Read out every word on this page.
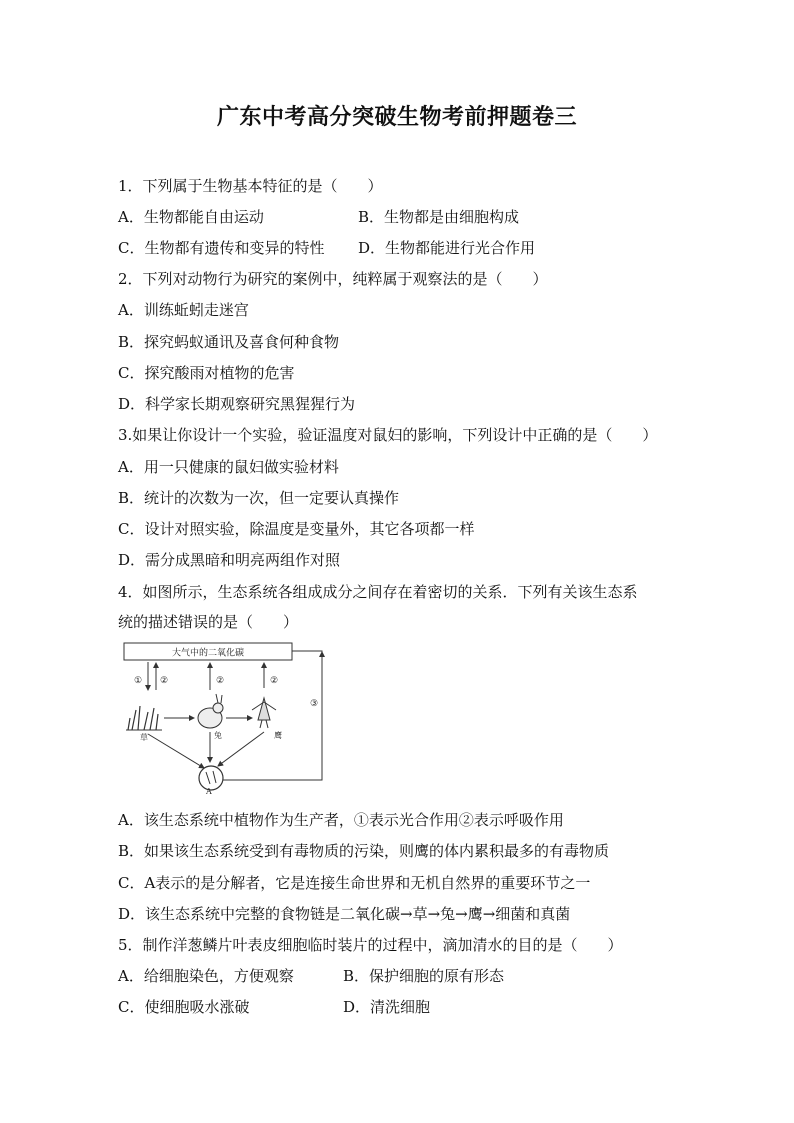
广东中考高分突破生物考前押题卷三
1．下列属于生物基本特征的是（　　）
A．生物都能自由运动	B．生物都是由细胞构成
C．生物都有遗传和变异的特性 D．生物都能进行光合作用
2．下列对动物行为研究的案例中，纯粹属于观察法的是（　　）
A．训练蚯蚓走迷宫
B．探究蚂蚁通讯及喜食何种食物
C．探究酸雨对植物的危害
D．科学家长期观察研究黑猩猩行为
3.如果让你设计一个实验，验证温度对鼠妇的影响，下列设计中正确的是（　　）
A．用一只健康的鼠妇做实验材料
B．统计的次数为一次，但一定要认真操作
C．设计对照实验，除温度是变量外，其它各项都一样
D．需分成黑暗和明亮两组作对照
4．如图所示，生态系统各组成成分之间存在着密切的关系．下列有关该生态系
统的描述错误的是（　　）
大气中的二氧化碳
① ②	②	②
③
草	兔	鹰
A
A．该生态系统中植物作为生产者，①表示光合作用②表示呼吸作用
B．如果该生态系统受到有毒物质的污染，则鹰的体内累积最多的有毒物质
C．A表示的是分解者，它是连接生命世界和无机自然界的重要环节之一
D．该生态系统中完整的食物链是二氧化碳→草→兔→鹰→细菌和真菌
5．制作洋葱鳞片叶表皮细胞临时装片的过程中，滴加清水的目的是（　　）
A．给细胞染色，方便观察	B．保护细胞的原有形态
C．使细胞吸水涨破	D．清洗细胞
